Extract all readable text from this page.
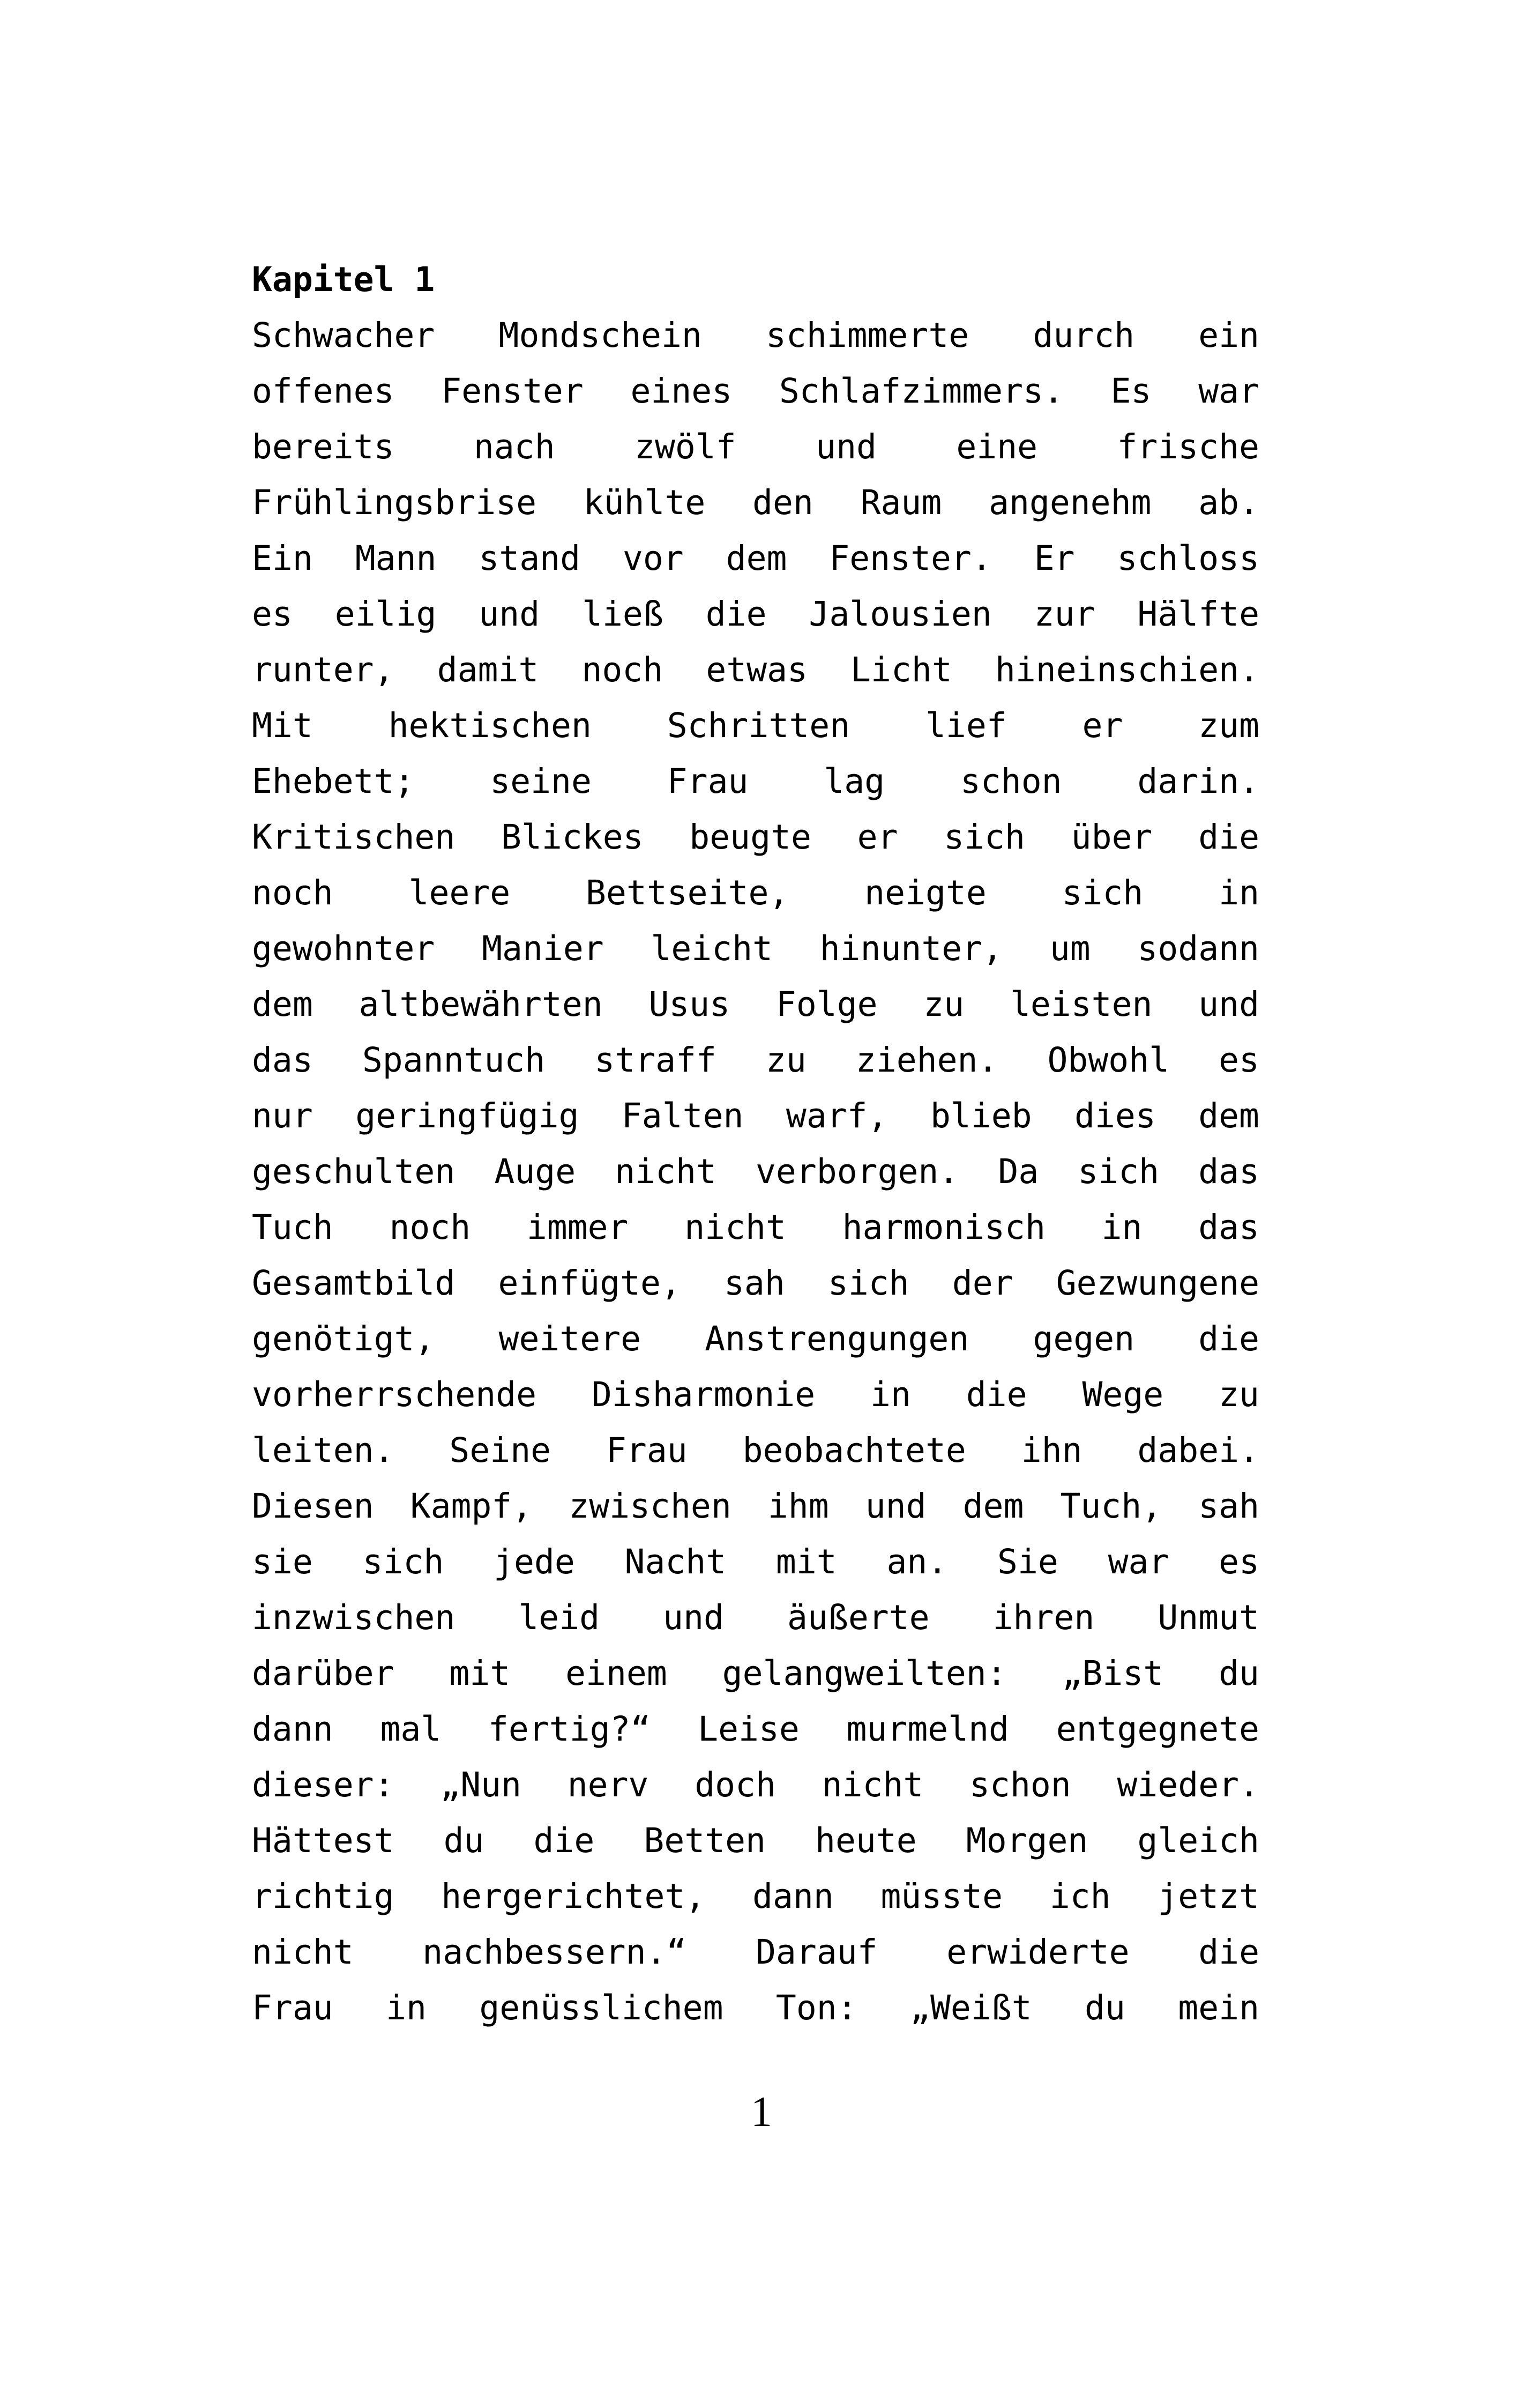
Kapitel 1
Schwacher Mondschein schimmerte durch ein
offenes Fenster eines Schlafzimmers. Es war
bereits nach zwölf und eine frische
Frühlingsbrise kühlte den Raum angenehm ab.
Ein Mann stand vor dem Fenster. Er schloss
es eilig und ließ die Jalousien zur Hälfte
runter, damit noch etwas Licht hineinschien.
Mit hektischen Schritten lief er zum
Ehebett; seine Frau lag schon darin.
Kritischen Blickes beugte er sich über die
noch leere Bettseite, neigte sich in
gewohnter Manier leicht hinunter, um sodann
dem altbewährten Usus Folge zu leisten und
das Spanntuch straff zu ziehen. Obwohl es
nur geringfügig Falten warf, blieb dies dem
geschulten Auge nicht verborgen. Da sich das
Tuch noch immer nicht harmonisch in das
Gesamtbild einfügte, sah sich der Gezwungene
genötigt, weitere Anstrengungen gegen die
vorherrschende Disharmonie in die Wege zu
leiten. Seine Frau beobachtete ihn dabei.
Diesen Kampf, zwischen ihm und dem Tuch, sah
sie sich jede Nacht mit an. Sie war es
inzwischen leid und äußerte ihren Unmut
darüber mit einem gelangweilten: „Bist du
dann mal fertig?“ Leise murmelnd entgegnete
dieser: „Nun nerv doch nicht schon wieder.
Hättest du die Betten heute Morgen gleich
richtig hergerichtet, dann müsste ich jetzt
nicht nachbessern.“ Darauf erwiderte die
Frau in genüsslichem Ton: „Weißt du mein
1
